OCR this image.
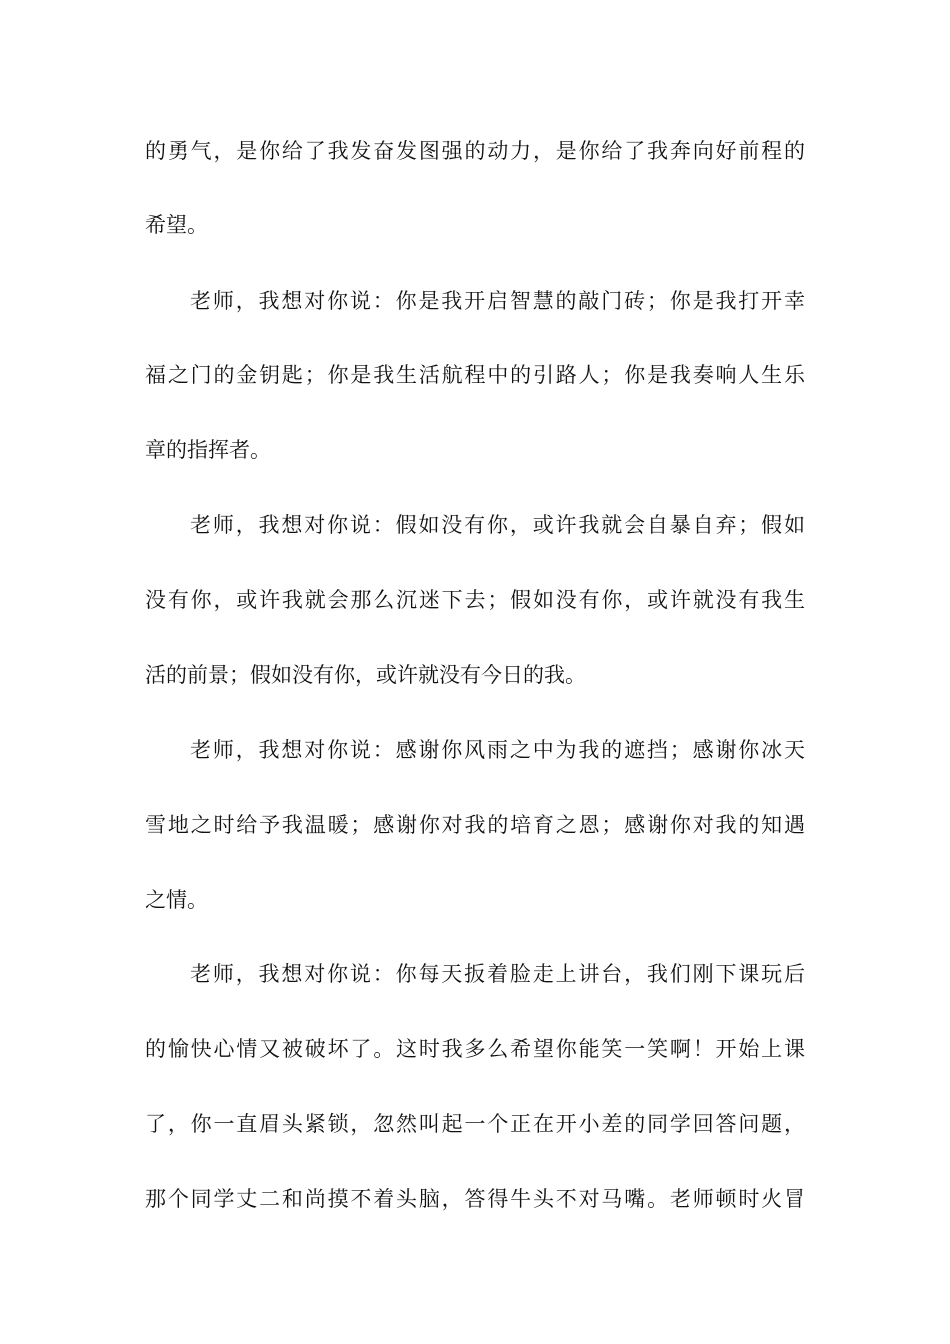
的勇气，是你给了我发奋发图强的动力，是你给了我奔向好前程的
希望。
老师，我想对你说：你是我开启智慧的敲门砖；你是我打开幸
福之门的金钥匙；你是我生活航程中的引路人；你是我奏响人生乐
章的指挥者。
老师，我想对你说：假如没有你，或许我就会自暴自弃；假如
没有你，或许我就会那么沉迷下去；假如没有你，或许就没有我生
活的前景；假如没有你，或许就没有今日的我。
老师，我想对你说：感谢你风雨之中为我的遮挡；感谢你冰天
雪地之时给予我温暖；感谢你对我的培育之恩；感谢你对我的知遇
之情。
老师，我想对你说：你每天扳着脸走上讲台，我们刚下课玩后
的愉快心情又被破坏了。这时我多么希望你能笑一笑啊！开始上课
了，你一直眉头紧锁，忽然叫起一个正在开小差的同学回答问题，
那个同学丈二和尚摸不着头脑，答得牛头不对马嘴。老师顿时火冒
